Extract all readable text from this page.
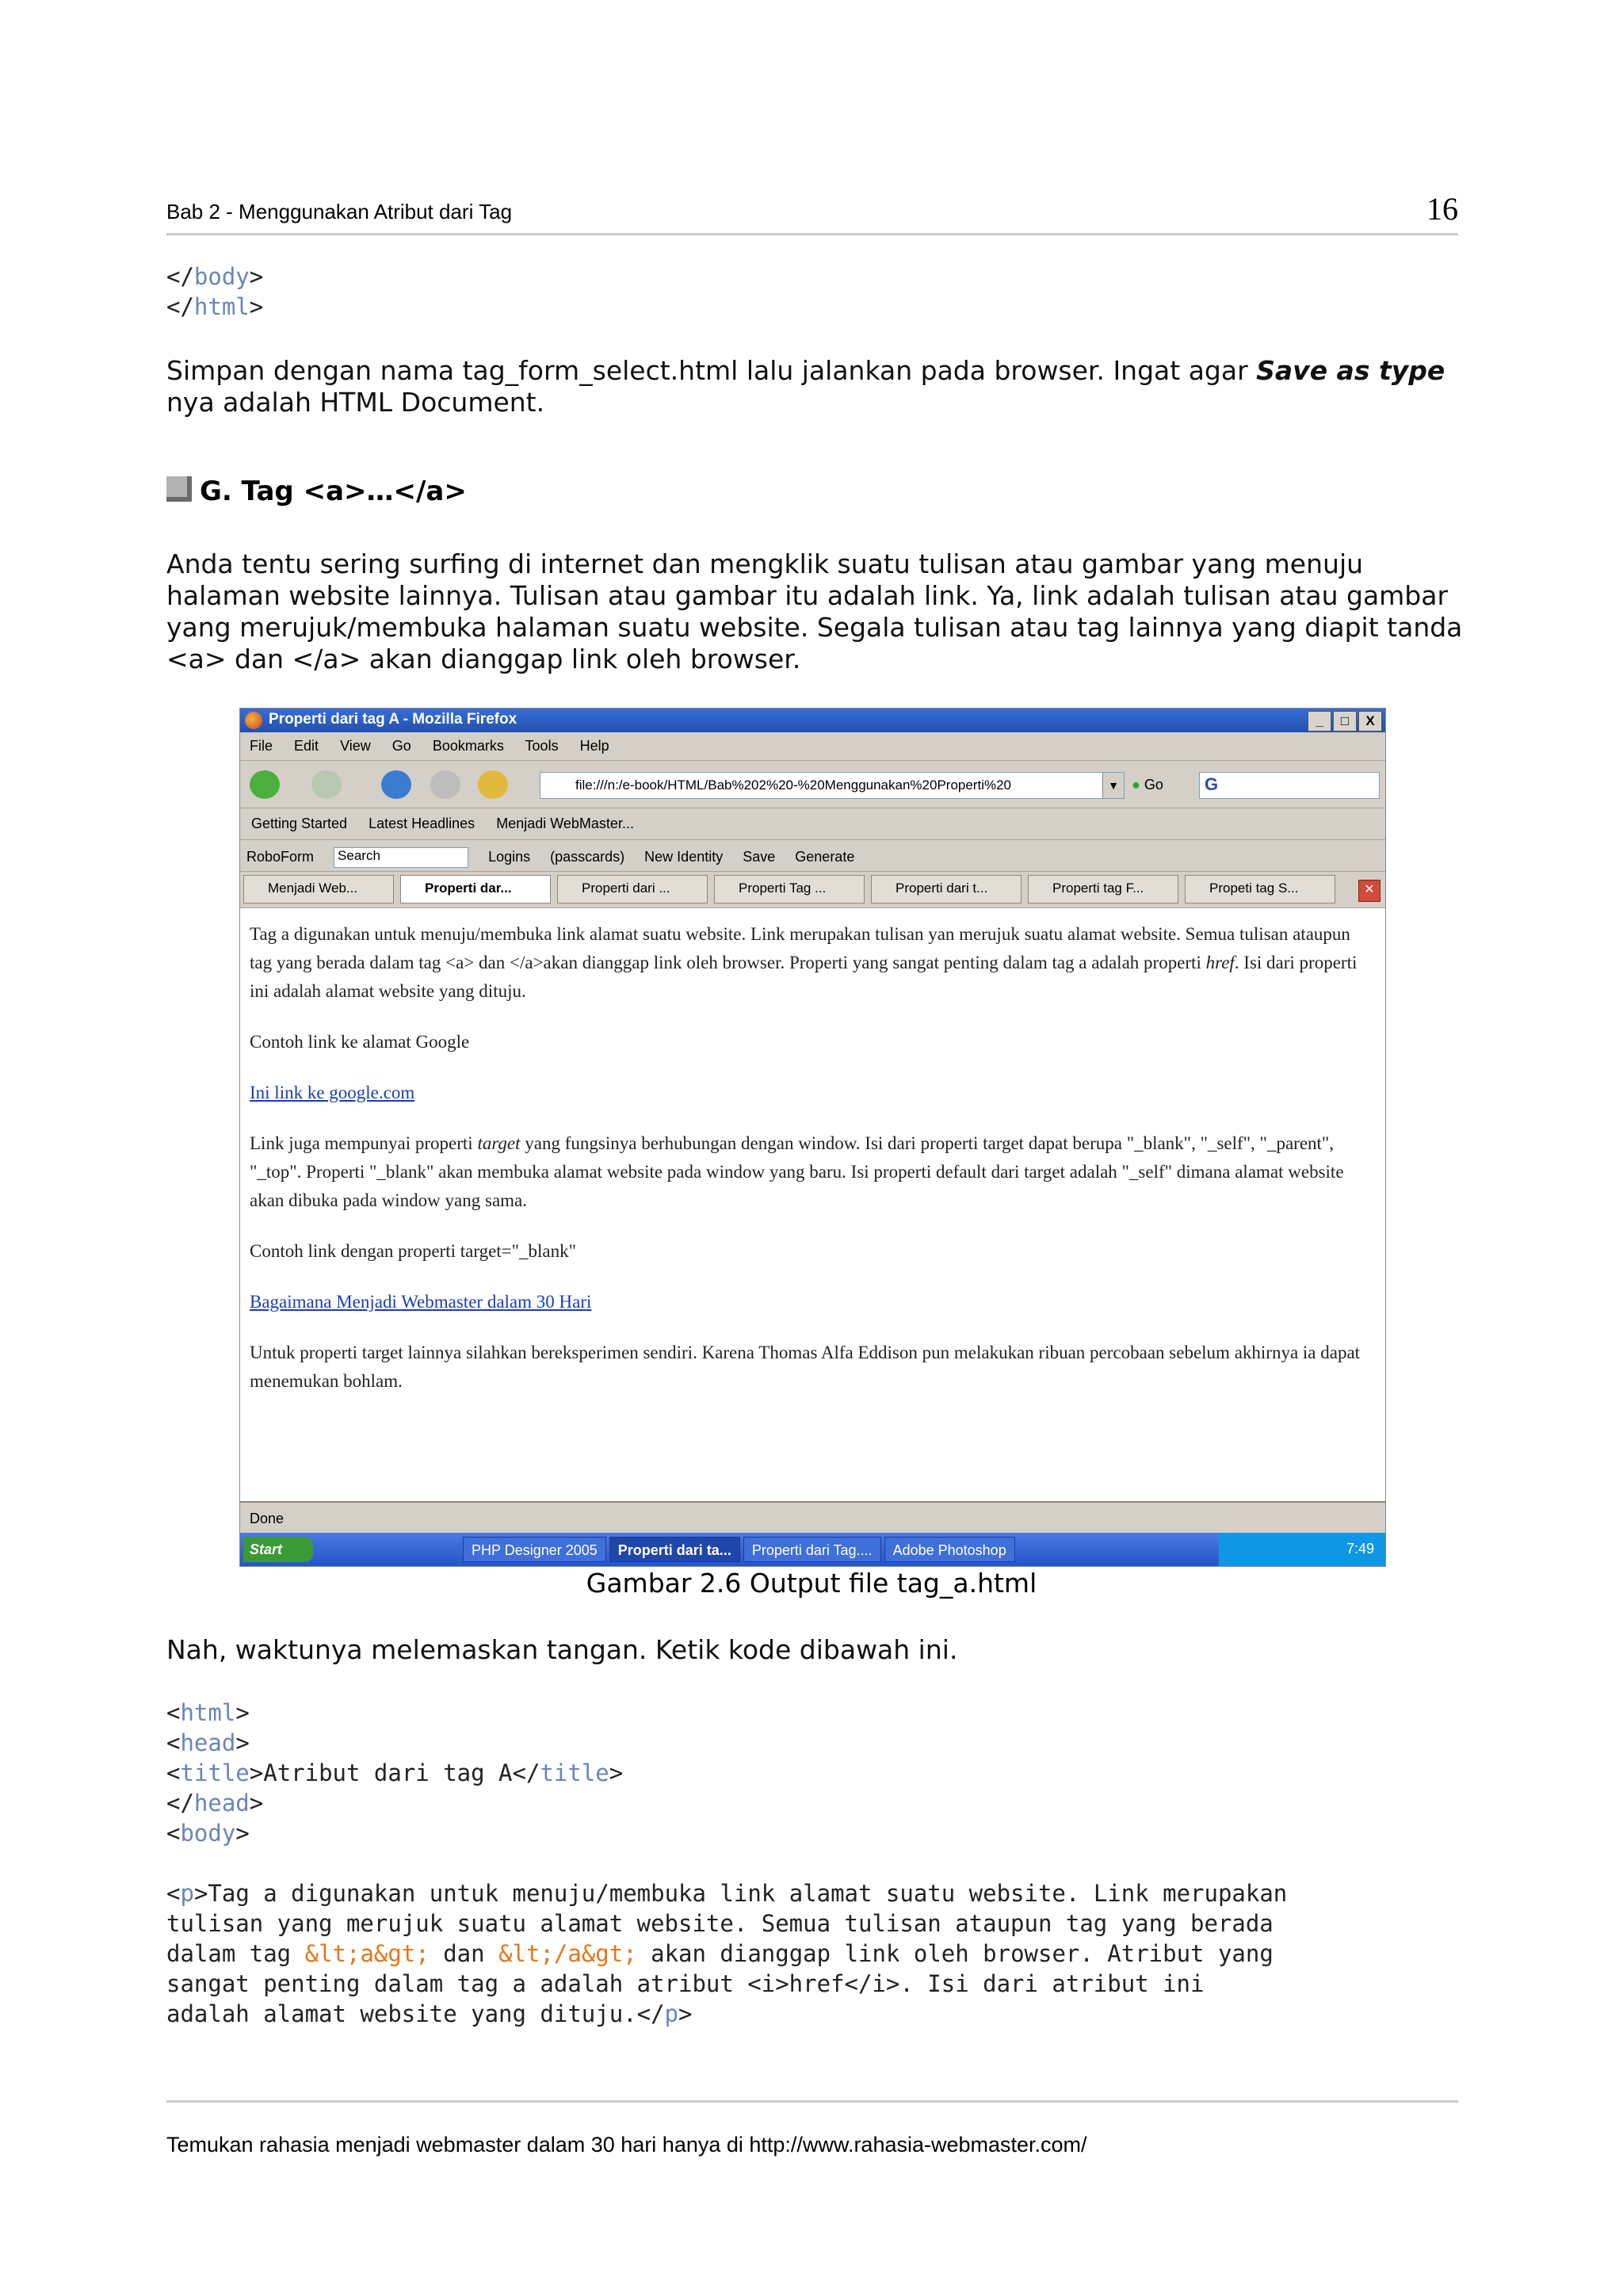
Bab 2 - Menggunakan Atribut dari Tag	16
</body>
</html>
Simpan dengan nama tag_form_select.html lalu jalankan pada browser. Ingat agar Save as type nya adalah HTML Document.
G. Tag <a>…</a>
Anda tentu sering surfing di internet dan mengklik suatu tulisan atau gambar yang menuju halaman website lainnya. Tulisan atau gambar itu adalah link. Ya, link adalah tulisan atau gambar yang merujuk/membuka halaman suatu website. Segala tulisan atau tag lainnya yang diapit tanda <a> dan </a> akan dianggap link oleh browser.
Properti dari tag A - Mozilla Firefox	_ □ X
File Edit View Go Bookmarks Tools Help
file:///n:/e-book/HTML/Bab%202%20-%20Menggunakan%20Properti%20	▼ ● Go	G
Getting Started Latest Headlines Menjadi WebMaster...
RoboForm Search	Logins (passcards) New Identity Save Generate
Menjadi Web...	Properti dar...	Properti dari ...	Properti Tag ...	Properti dari t...	Properti tag F...	Propeti tag S...	✕

Tag a digunakan untuk menuju/membuka link alamat suatu website. Link merupakan tulisan yan merujuk suatu alamat website. Semua tulisan ataupun tag yang berada dalam tag <a> dan </a>akan dianggap link oleh browser. Properti yang sangat penting dalam tag a adalah properti href. Isi dari properti ini adalah alamat website yang dituju.

Contoh link ke alamat Google

Ini link ke google.com

Link juga mempunyai properti target yang fungsinya berhubungan dengan window. Isi dari properti target dapat berupa "_blank", "_self", "_parent", "_top". Properti "_blank" akan membuka alamat website pada window yang baru. Isi properti default dari target adalah "_self" dimana alamat website akan dibuka pada window yang sama.

Contoh link dengan properti target="_blank"

Bagaimana Menjadi Webmaster dalam 30 Hari

Untuk properti target lainnya silahkan bereksperimen sendiri. Karena Thomas Alfa Eddison pun melakukan ribuan percobaan sebelum akhirnya ia dapat menemukan bohlam.

Done
Start	PHP Designer 2005 Properti dari ta... Properti dari Tag.... Adobe Photoshop	7:49
Gambar 2.6 Output file tag_a.html
Nah, waktunya melemaskan tangan. Ketik kode dibawah ini.
<html>
<head>
<title>Atribut dari tag A</title>
</head>
<body>

<p>Tag a digunakan untuk menuju/membuka link alamat suatu website. Link merupakan
tulisan yang merujuk suatu alamat website. Semua tulisan ataupun tag yang berada
dalam tag &lt;a&gt; dan &lt;/a&gt; akan dianggap link oleh browser. Atribut yang
sangat penting dalam tag a adalah atribut <i>href</i>. Isi dari atribut ini
adalah alamat website yang dituju.</p>
Temukan rahasia menjadi webmaster dalam 30 hari hanya di http://www.rahasia-webmaster.com/
